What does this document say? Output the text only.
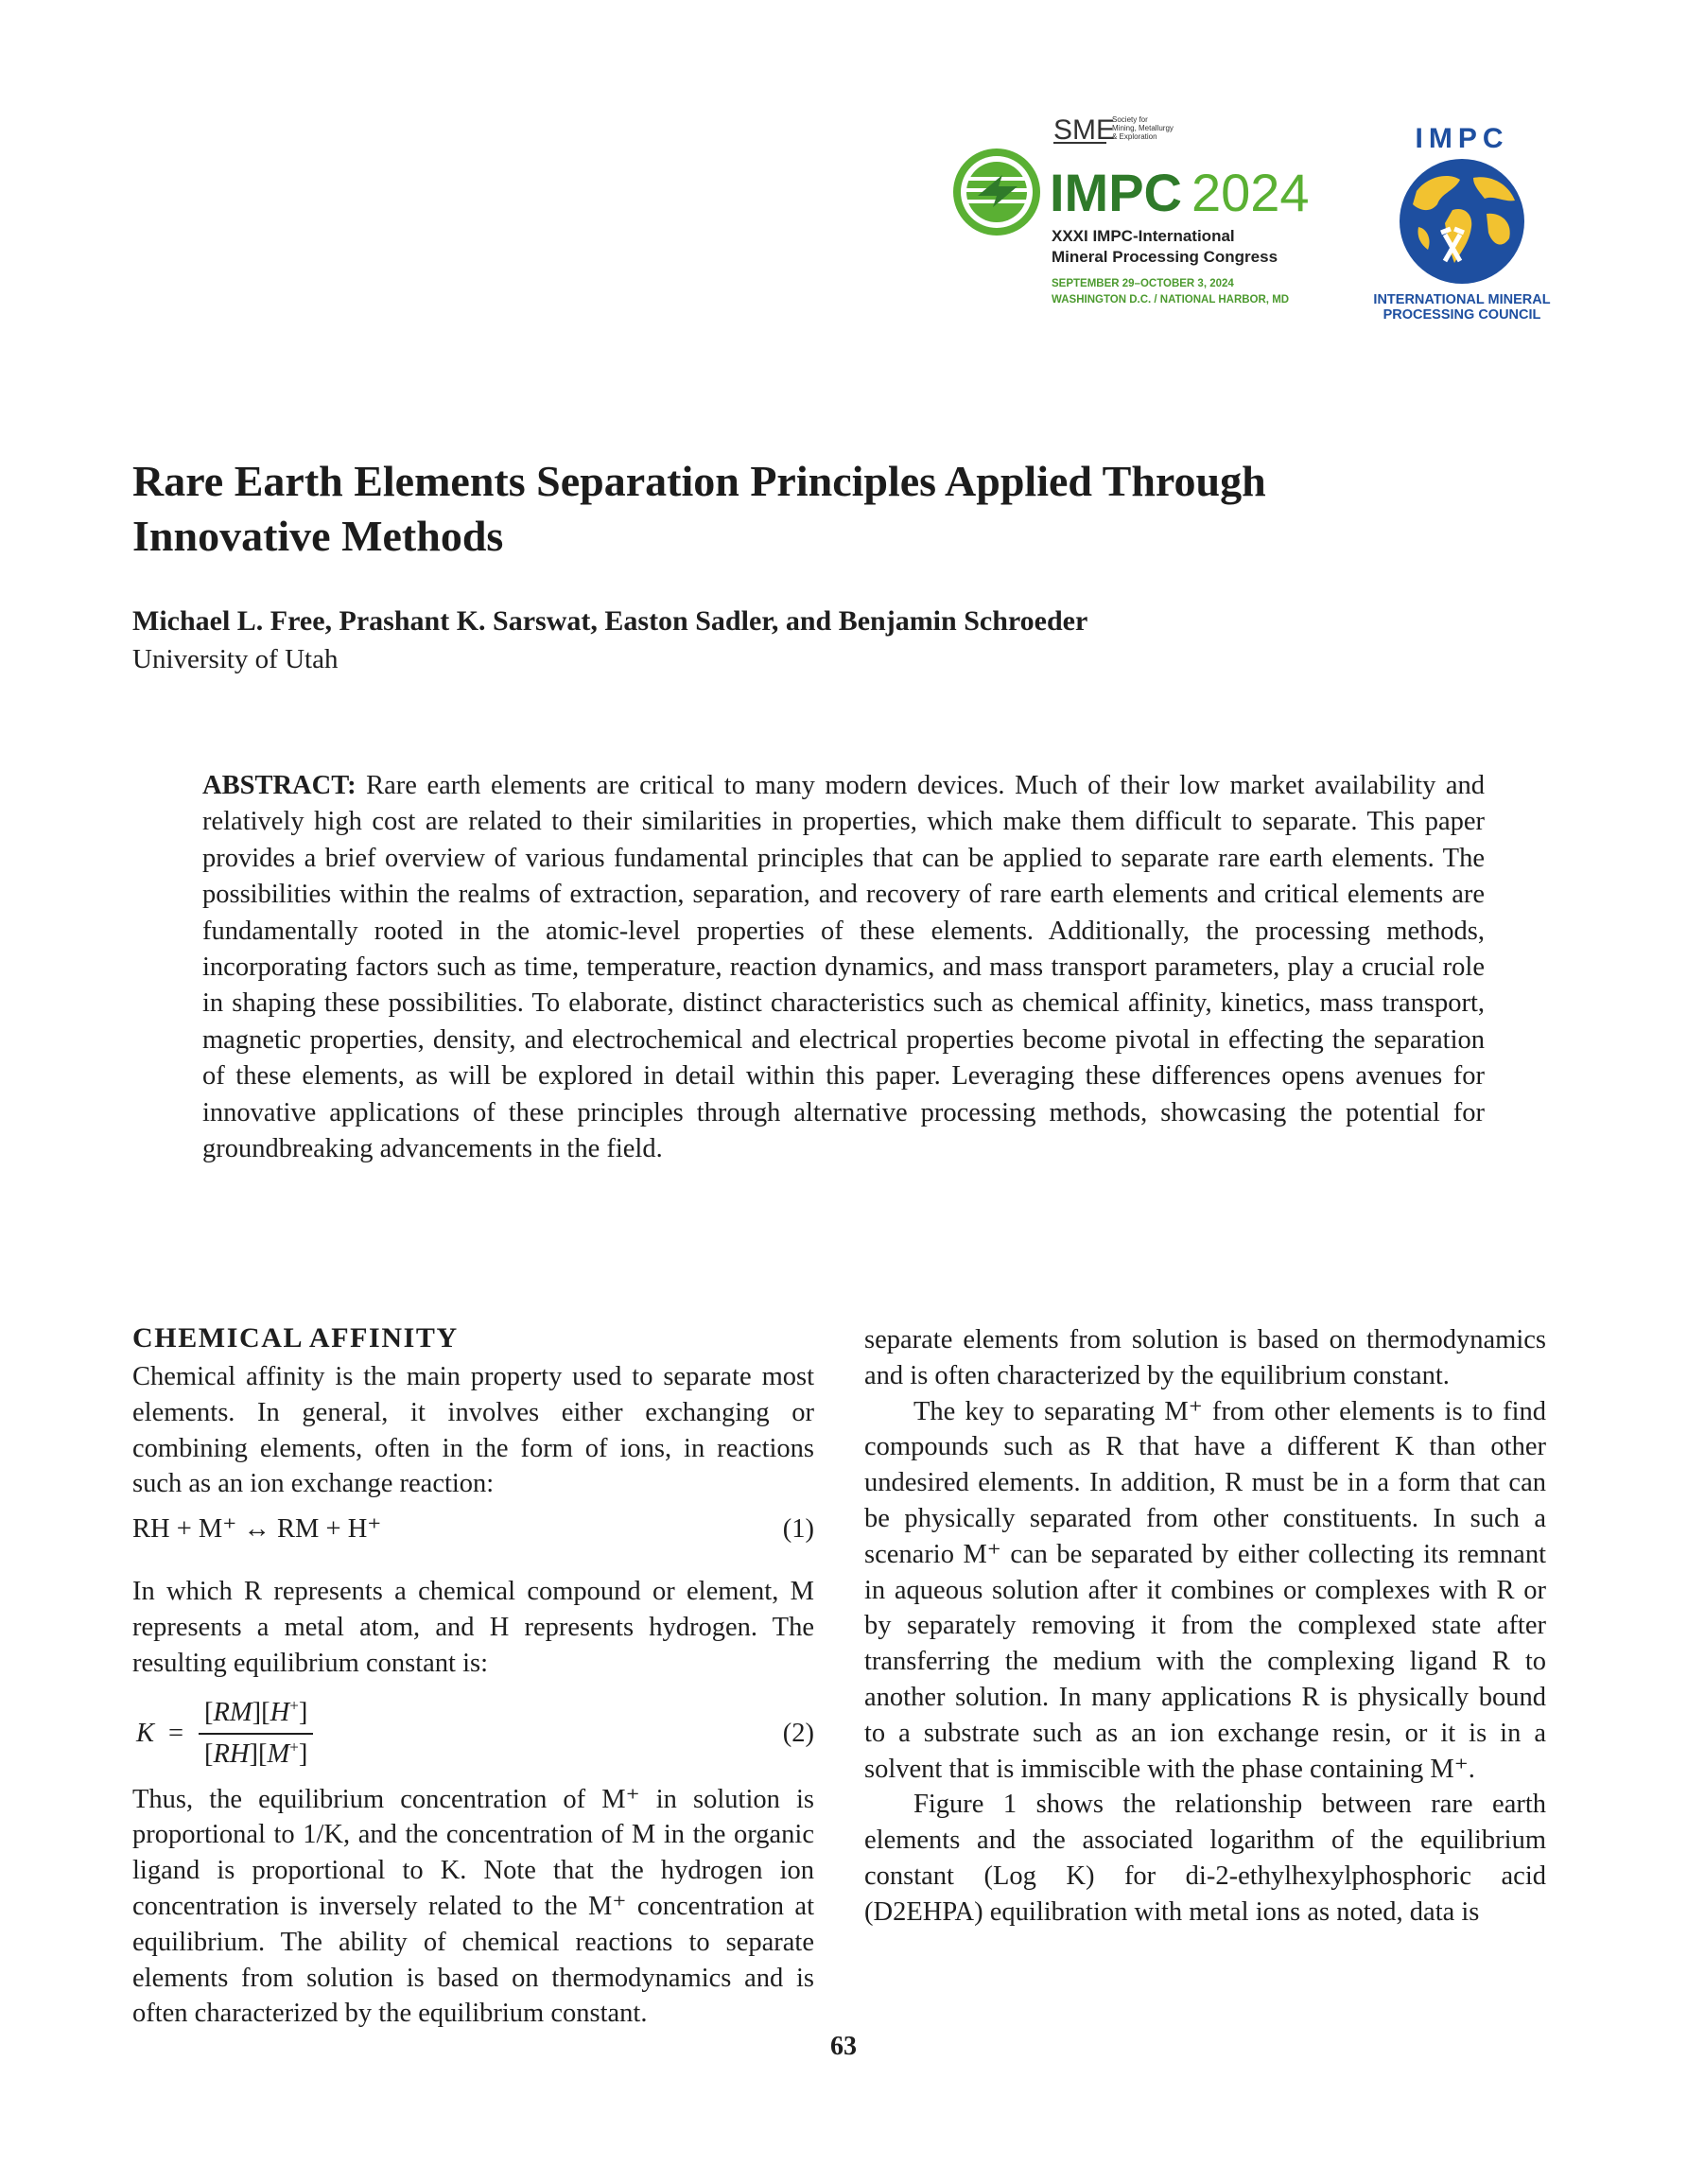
SME
Society for
Mining, Metallurgy
& Exploration
IMPC 2024
XXXI IMPC-International
Mineral Processing Congress
SEPTEMBER 29–OCTOBER 3, 2024
WASHINGTON D.C. / NATIONAL HARBOR, MD
IMPC
INTERNATIONAL MINERAL
PROCESSING COUNCIL
Rare Earth Elements Separation Principles Applied Through
Innovative Methods
Michael L. Free, Prashant K. Sarswat, Easton Sadler, and Benjamin Schroeder
University of Utah

ABSTRACT: Rare earth elements are critical to many modern devices. Much of their low market availability and relatively high cost are related to their similarities in properties, which make them difficult to separate. This paper provides a brief overview of various fundamental principles that can be applied to separate rare earth elements. The possibilities within the realms of extraction, separation, and recovery of rare earth elements and critical elements are fundamentally rooted in the atomic-level properties of these elements. Additionally, the processing methods, incorporating factors such as time, temperature, reaction dynamics, and mass transport parameters, play a crucial role in shaping these possibilities. To elaborate, distinct characteristics such as chemical affinity, kinetics, mass transport, magnetic properties, density, and electrochemical and electrical properties become pivotal in effecting the separation of these elements, as will be explored in detail within this paper. Leveraging these differences opens avenues for innovative applications of these principles through alternative processing methods, showcasing the potential for groundbreaking advancements in the field.

CHEMICAL AFFINITY

Chemical affinity is the main property used to separate most elements. In general, it involves either exchanging or combining elements, often in the form of ions, in reactions such as an ion exchange reaction:

RH + M⁺ ↔ RM + H⁺	(1)

In which R represents a chemical compound or element, M represents a metal atom, and H represents hydrogen. The resulting equilibrium constant is:

$K = \frac{[RM][H^+]}{[RH][M^+]}$	(2)

Thus, the equilibrium concentration of M⁺ in solution is proportional to 1/K, and the concentration of M in the organic ligand is proportional to K. Note that the hydrogen ion concentration is inversely related to the M⁺ concentration at equilibrium. The ability of chemical reactions to separate elements from solution is based on thermodynamics and is often characterized by the equilibrium constant.

separate elements from solution is based on thermodynamics and is often characterized by the equilibrium constant.

The key to separating M⁺ from other elements is to find compounds such as R that have a different K than other undesired elements. In addition, R must be in a form that can be physically separated from other constituents. In such a scenario M⁺ can be separated by either collecting its remnant in aqueous solution after it combines or complexes with R or by separately removing it from the complexed state after transferring the medium with the complexing ligand R to another solution. In many applications R is physically bound to a substrate such as an ion exchange resin, or it is in a solvent that is immiscible with the phase containing M⁺.

Figure 1 shows the relationship between rare earth elements and the associated logarithm of the equilibrium constant (Log K) for di-2-ethylhexylphosphoric acid (D2EHPA) equilibration with metal ions as noted, data is

63
